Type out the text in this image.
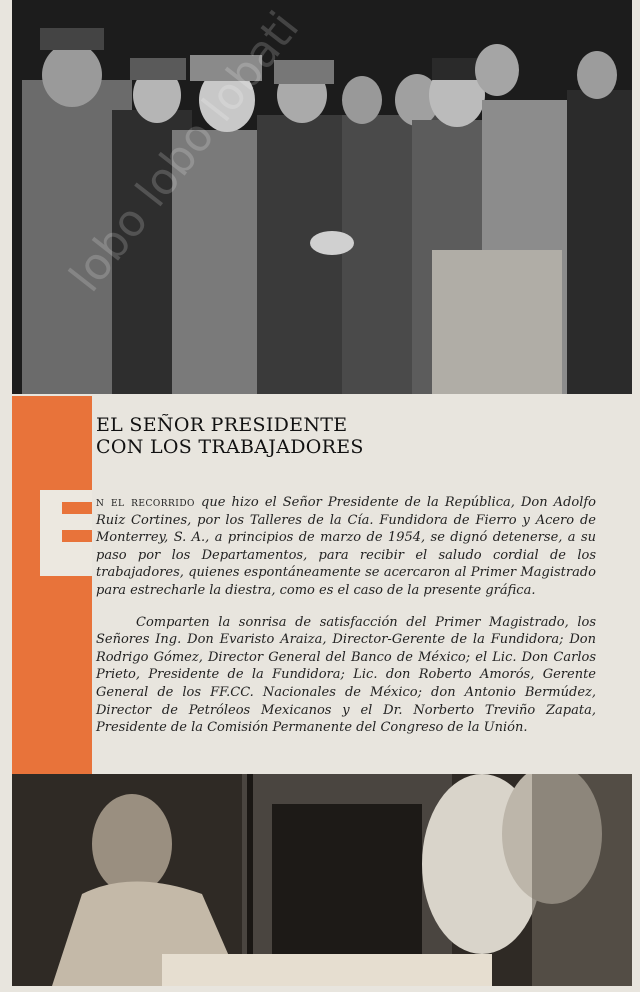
EL SEÑOR PRESIDENTE
CON LOS TRABAJADORES

n el recorrido que hizo el Señor Presidente de la República, Don Adolfo Ruiz Cortines, por los Talleres de la Cía. Fundidora de Fierro y Acero de Monterrey, S. A., a principios de marzo de 1954, se dignó detenerse, a su paso por los Departamentos, para recibir el saludo cordial de los trabajadores, quienes espontáneamente se acercaron al Primer Magistrado para estrecharle la diestra, como es el caso de la presente gráfica.

Comparten la sonrisa de satisfacción del Primer Magistrado, los Señores Ing. Don Evaristo Araiza, Director-Gerente de la Fundidora; Don Rodrigo Gómez, Director General del Banco de México; el Lic. Don Carlos Prieto, Presidente de la Fundidora; Lic. don Roberto Amorós, Gerente General de los FF.CC. Nacionales de México; don Antonio Bermúdez, Director de Petróleos Mexicanos y el Dr. Norberto Treviño Zapata, Presidente de la Comisión Permanente del Congreso de la Unión.
